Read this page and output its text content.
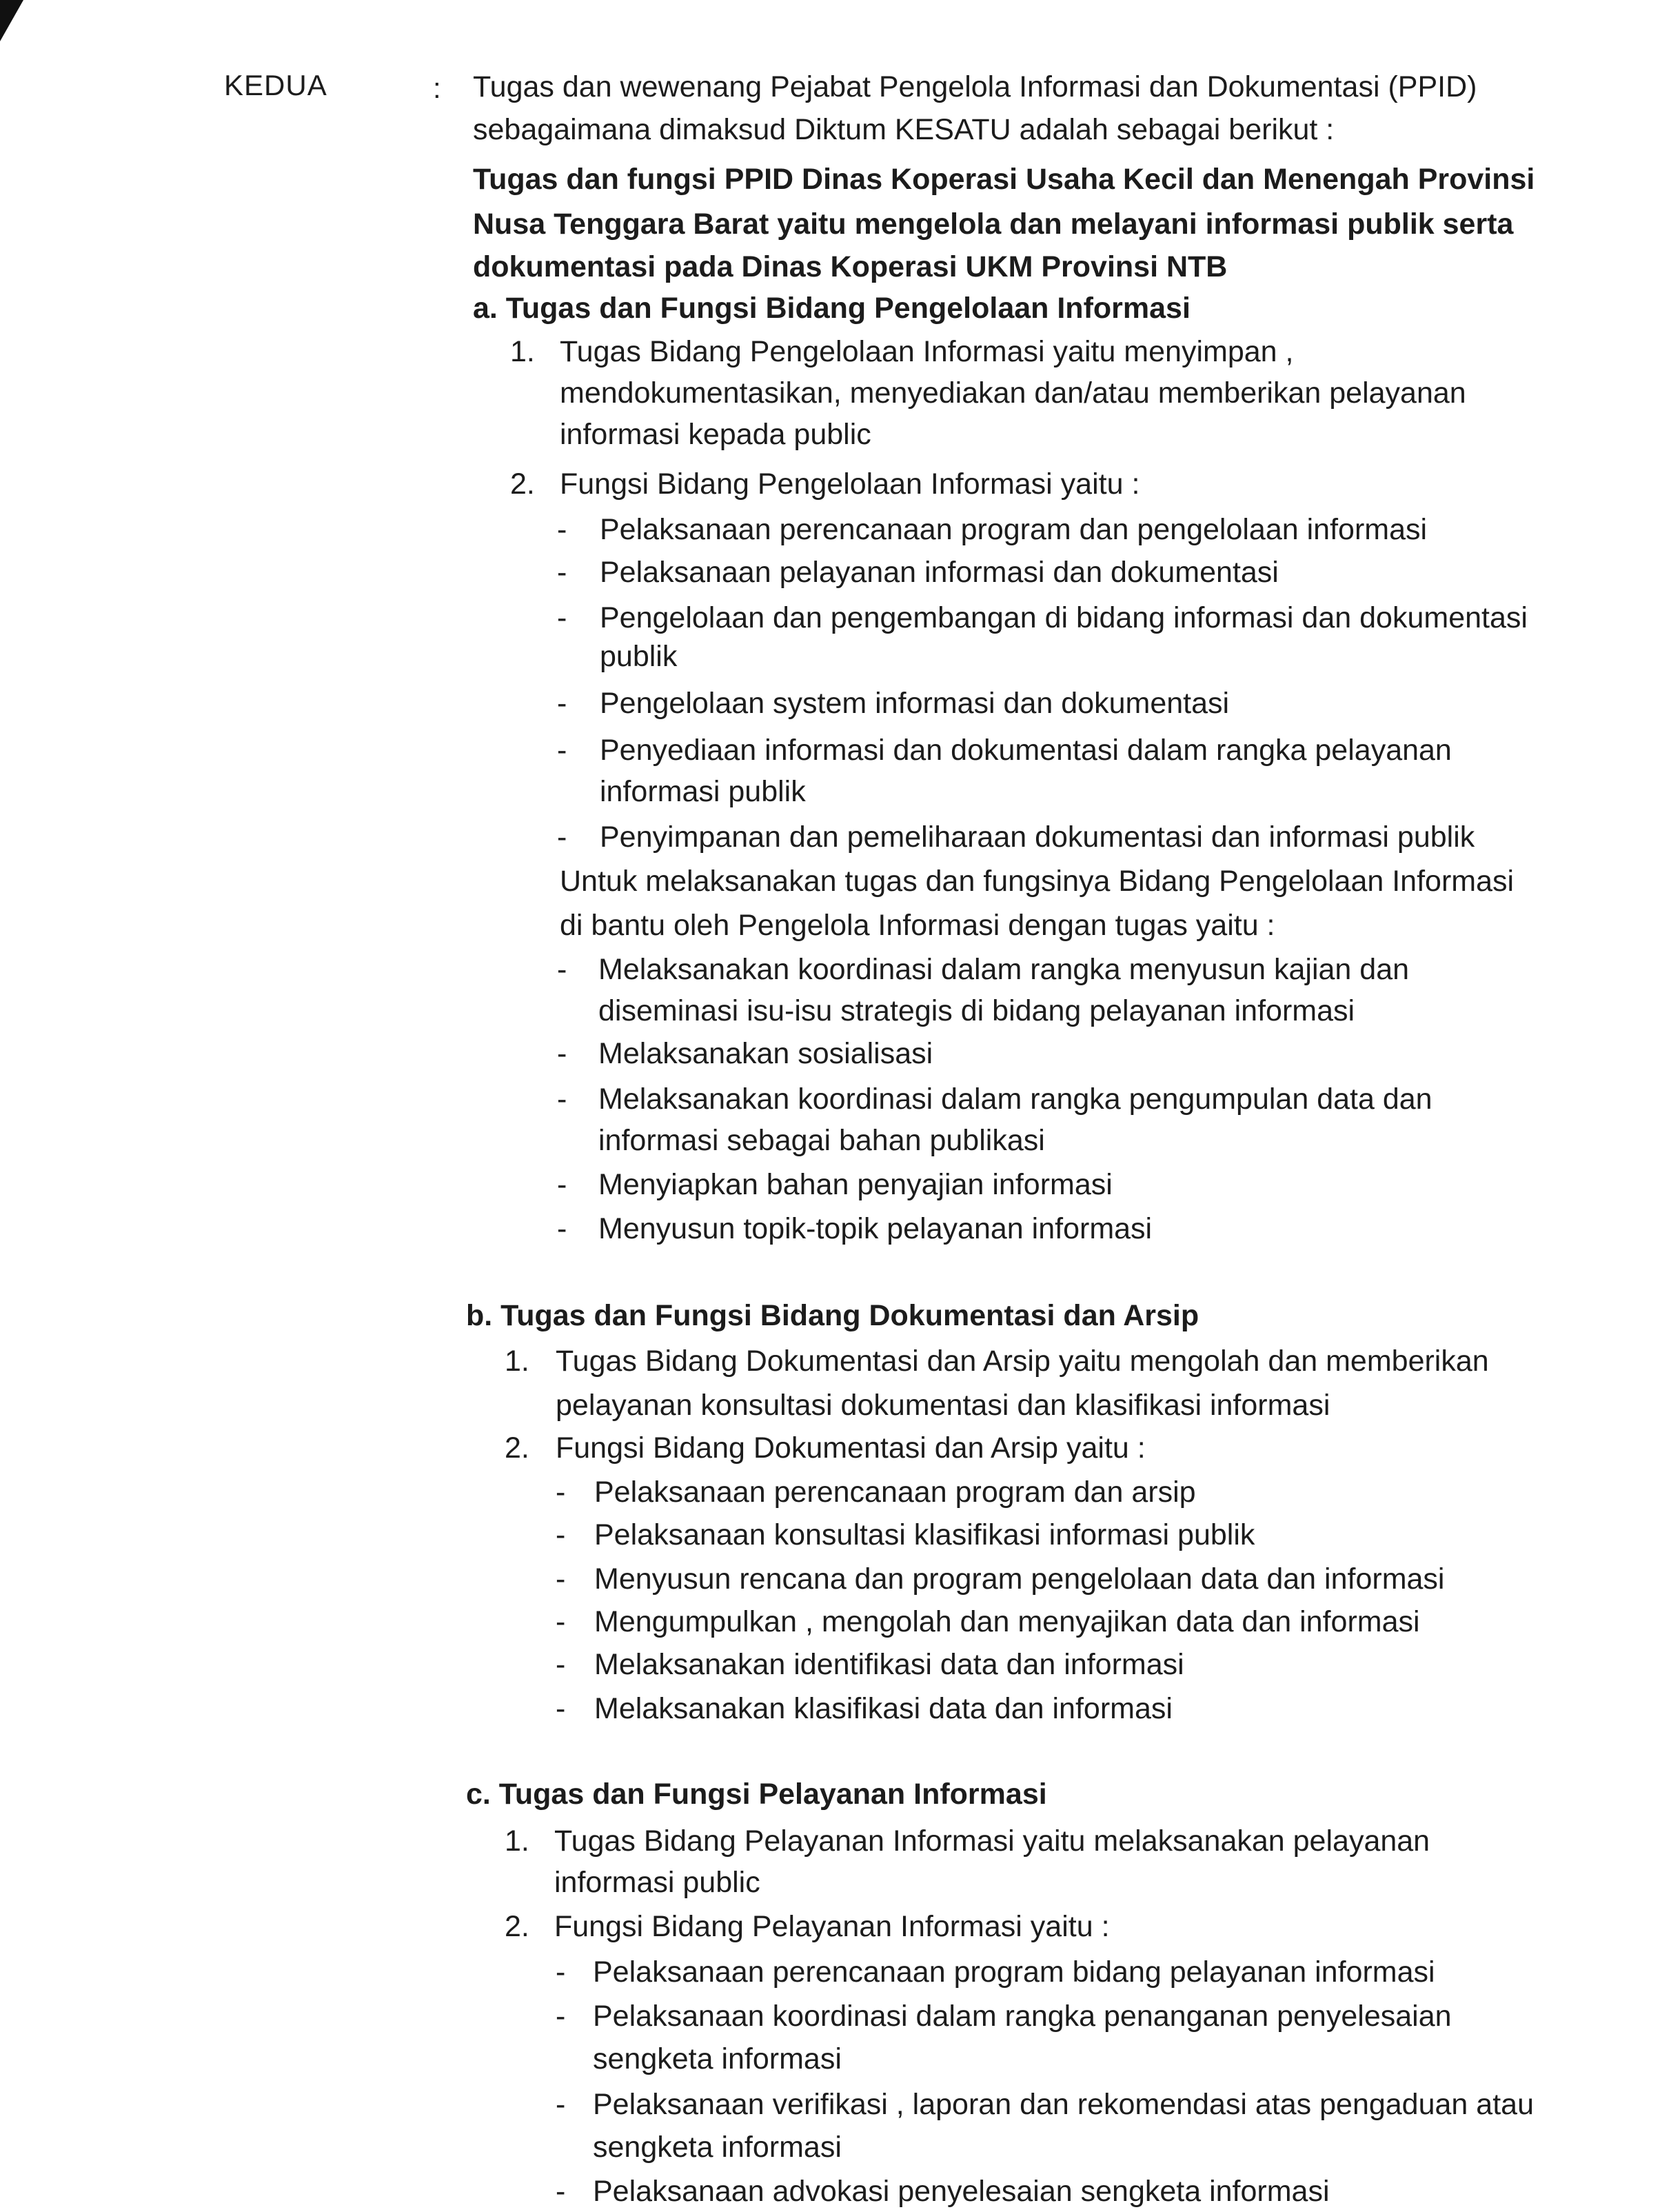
KEDUA	: Tugas dan wewenang Pejabat Pengelola Informasi dan Dokumentasi (PPID)
sebagaimana dimaksud Diktum KESATU adalah sebagai berikut :
Tugas dan fungsi PPID Dinas Koperasi Usaha Kecil dan Menengah Provinsi
Nusa Tenggara Barat yaitu mengelola dan melayani informasi publik serta
dokumentasi pada Dinas Koperasi UKM Provinsi NTB
a. Tugas dan Fungsi Bidang Pengelolaan Informasi
1. Tugas Bidang Pengelolaan Informasi yaitu menyimpan ,
mendokumentasikan, menyediakan dan/atau memberikan pelayanan
informasi kepada public
2. Fungsi Bidang Pengelolaan Informasi yaitu :
- Pelaksanaan perencanaan program dan pengelolaan informasi
- Pelaksanaan pelayanan informasi dan dokumentasi
- Pengelolaan dan pengembangan di bidang informasi dan dokumentasi
publik
- Pengelolaan system informasi dan dokumentasi
- Penyediaan informasi dan dokumentasi dalam rangka pelayanan
informasi publik
- Penyimpanan dan pemeliharaan dokumentasi dan informasi publik
Untuk melaksanakan tugas dan fungsinya Bidang Pengelolaan Informasi
di bantu oleh Pengelola Informasi dengan tugas yaitu :
- Melaksanakan koordinasi dalam rangka menyusun kajian dan
diseminasi isu-isu strategis di bidang pelayanan informasi
- Melaksanakan sosialisasi
- Melaksanakan koordinasi dalam rangka pengumpulan data dan
informasi sebagai bahan publikasi
- Menyiapkan bahan penyajian informasi
- Menyusun topik-topik pelayanan informasi
b. Tugas dan Fungsi Bidang Dokumentasi dan Arsip
1. Tugas Bidang Dokumentasi dan Arsip yaitu mengolah dan memberikan
pelayanan konsultasi dokumentasi dan klasifikasi informasi
2. Fungsi Bidang Dokumentasi dan Arsip yaitu :
- Pelaksanaan perencanaan program dan arsip
- Pelaksanaan konsultasi klasifikasi informasi publik
- Menyusun rencana dan program pengelolaan data dan informasi
- Mengumpulkan , mengolah dan menyajikan data dan informasi
- Melaksanakan identifikasi data dan informasi
- Melaksanakan klasifikasi data dan informasi
c. Tugas dan Fungsi Pelayanan Informasi
1. Tugas Bidang Pelayanan Informasi yaitu melaksanakan pelayanan
informasi public
2. Fungsi Bidang Pelayanan Informasi yaitu :
- Pelaksanaan perencanaan program bidang pelayanan informasi
- Pelaksanaan koordinasi dalam rangka penanganan penyelesaian
sengketa informasi
- Pelaksanaan verifikasi , laporan dan rekomendasi atas pengaduan atau
sengketa informasi
- Pelaksanaan advokasi penyelesaian sengketa informasi
